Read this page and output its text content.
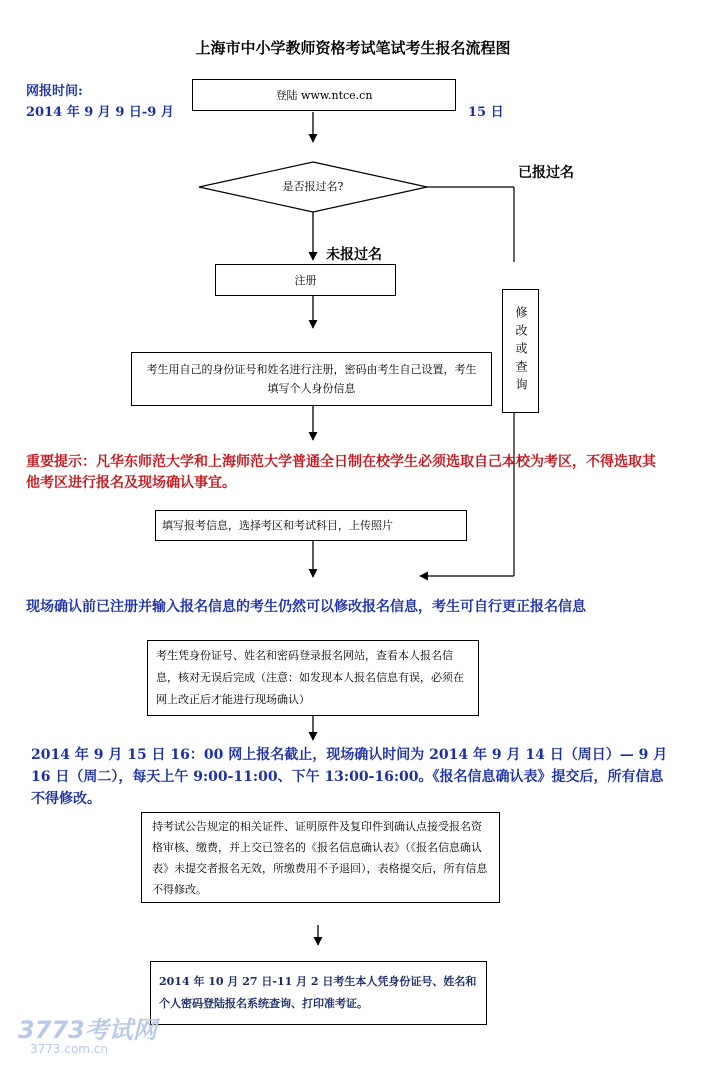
上海市中小学教师资格考试笔试考生报名流程图
网报时间:
2014 年 9 月 9 日-9 月	15 日
登陆 www.ntce.cn
是否报过名?
已报过名
未报过名
注册
修改或查询
考生用自己的身份证号和姓名进行注册，密码由考生自己设置，考生填写个人身份信息
重要提示：凡华东师范大学和上海师范大学普通全日制在校学生必须选取自己本校为考区，不得选取其他考区进行报名及现场确认事宜。
填写报考信息，选择考区和考试科目，上传照片
现场确认前已注册并输入报名信息的考生仍然可以修改报名信息，考生可自行更正报名信息
考生凭身份证号、姓名和密码登录报名网站，查看本人报名信息，核对无误后完成（注意：如发现本人报名信息有误，必须在网上改正后才能进行现场确认）
2014 年 9 月 15 日 16：00 网上报名截止，现场确认时间为 2014 年 9 月 14 日（周日）— 9 月 16 日（周二），每天上午 9:00-11:00、下午 13:00-16:00。《报名信息确认表》提交后，所有信息不得修改。
持考试公告规定的相关证件、证明原件及复印件到确认点接受报名资格审核、缴费，并上交已签名的《报名信息确认表》（《报名信息确认表》未提交者报名无效，所缴费用不予退回），表格提交后，所有信息不得修改。
2014 年 10 月 27 日-11 月 2 日考生本人凭身份证号、姓名和个人密码登陆报名系统查询、打印准考证。
3773考试网
3773.com.cn
